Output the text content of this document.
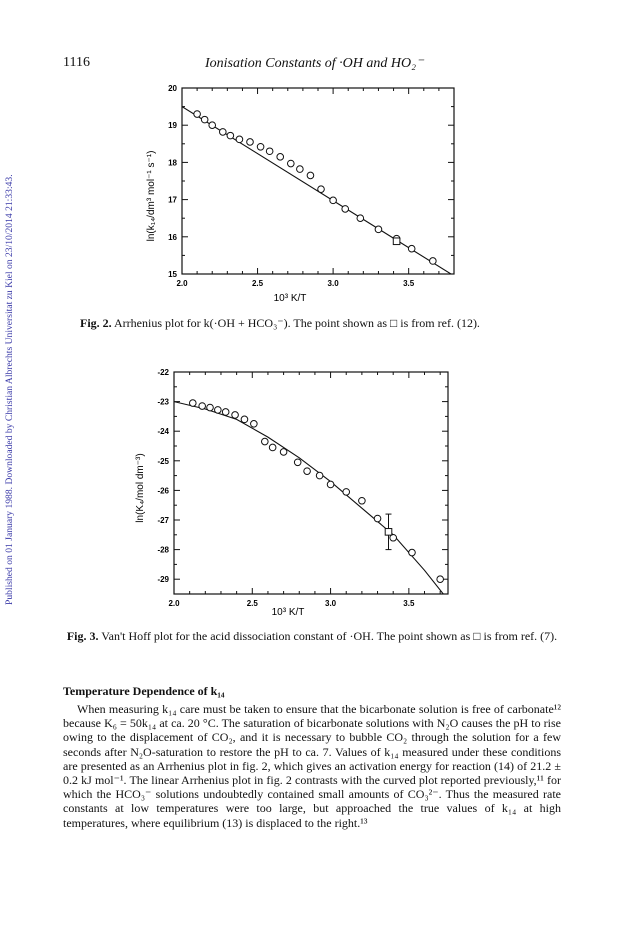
Published on 01 January 1988. Downloaded by Christian Albrechts Universitat zu Kiel on 23/10/2014 21:33:43.
1116	Ionisation Constants of ·OH and HO₂⁻
2.0	2.5	3.0	3.5
15
16
17
18
19
20
10³ K/T
ln(k₁₄/dm³ mol⁻¹ s⁻¹)
Fig. 2. Arrhenius plot for k(·OH + HCO₃⁻). The point shown as □ is from ref. (12).
2.0	2.5	3.0	3.5
-29
-28
-27
-26
-25
-24
-23
-22
10³ K/T
ln(K₄/mol dm⁻³)
Fig. 3. Van't Hoff plot for the acid dissociation constant of ·OH. The point shown as □ is from ref. (7).
Temperature Dependence of k₁₄

When measuring k₁₄ care must be taken to ensure that the bicarbonate solution is free of carbonate¹² because K₆ = 50k₁₄ at ca. 20 °C. The saturation of bicarbonate solutions with N₂O causes the pH to rise owing to the displacement of CO₂, and it is necessary to bubble CO₂ through the solution for a few seconds after N₂O-saturation to restore the pH to ca. 7. Values of k₁₄ measured under these conditions are presented as an Arrhenius plot in fig. 2, which gives an activation energy for reaction (14) of 21.2 ± 0.2 kJ mol⁻¹. The linear Arrhenius plot in fig. 2 contrasts with the curved plot reported previously,¹¹ for which the HCO₃⁻ solutions undoubtedly contained small amounts of CO₃²⁻. Thus the measured rate constants at low temperatures were too large, but approached the true values of k₁₄ at high temperatures, where equilibrium (13) is displaced to the right.¹³
